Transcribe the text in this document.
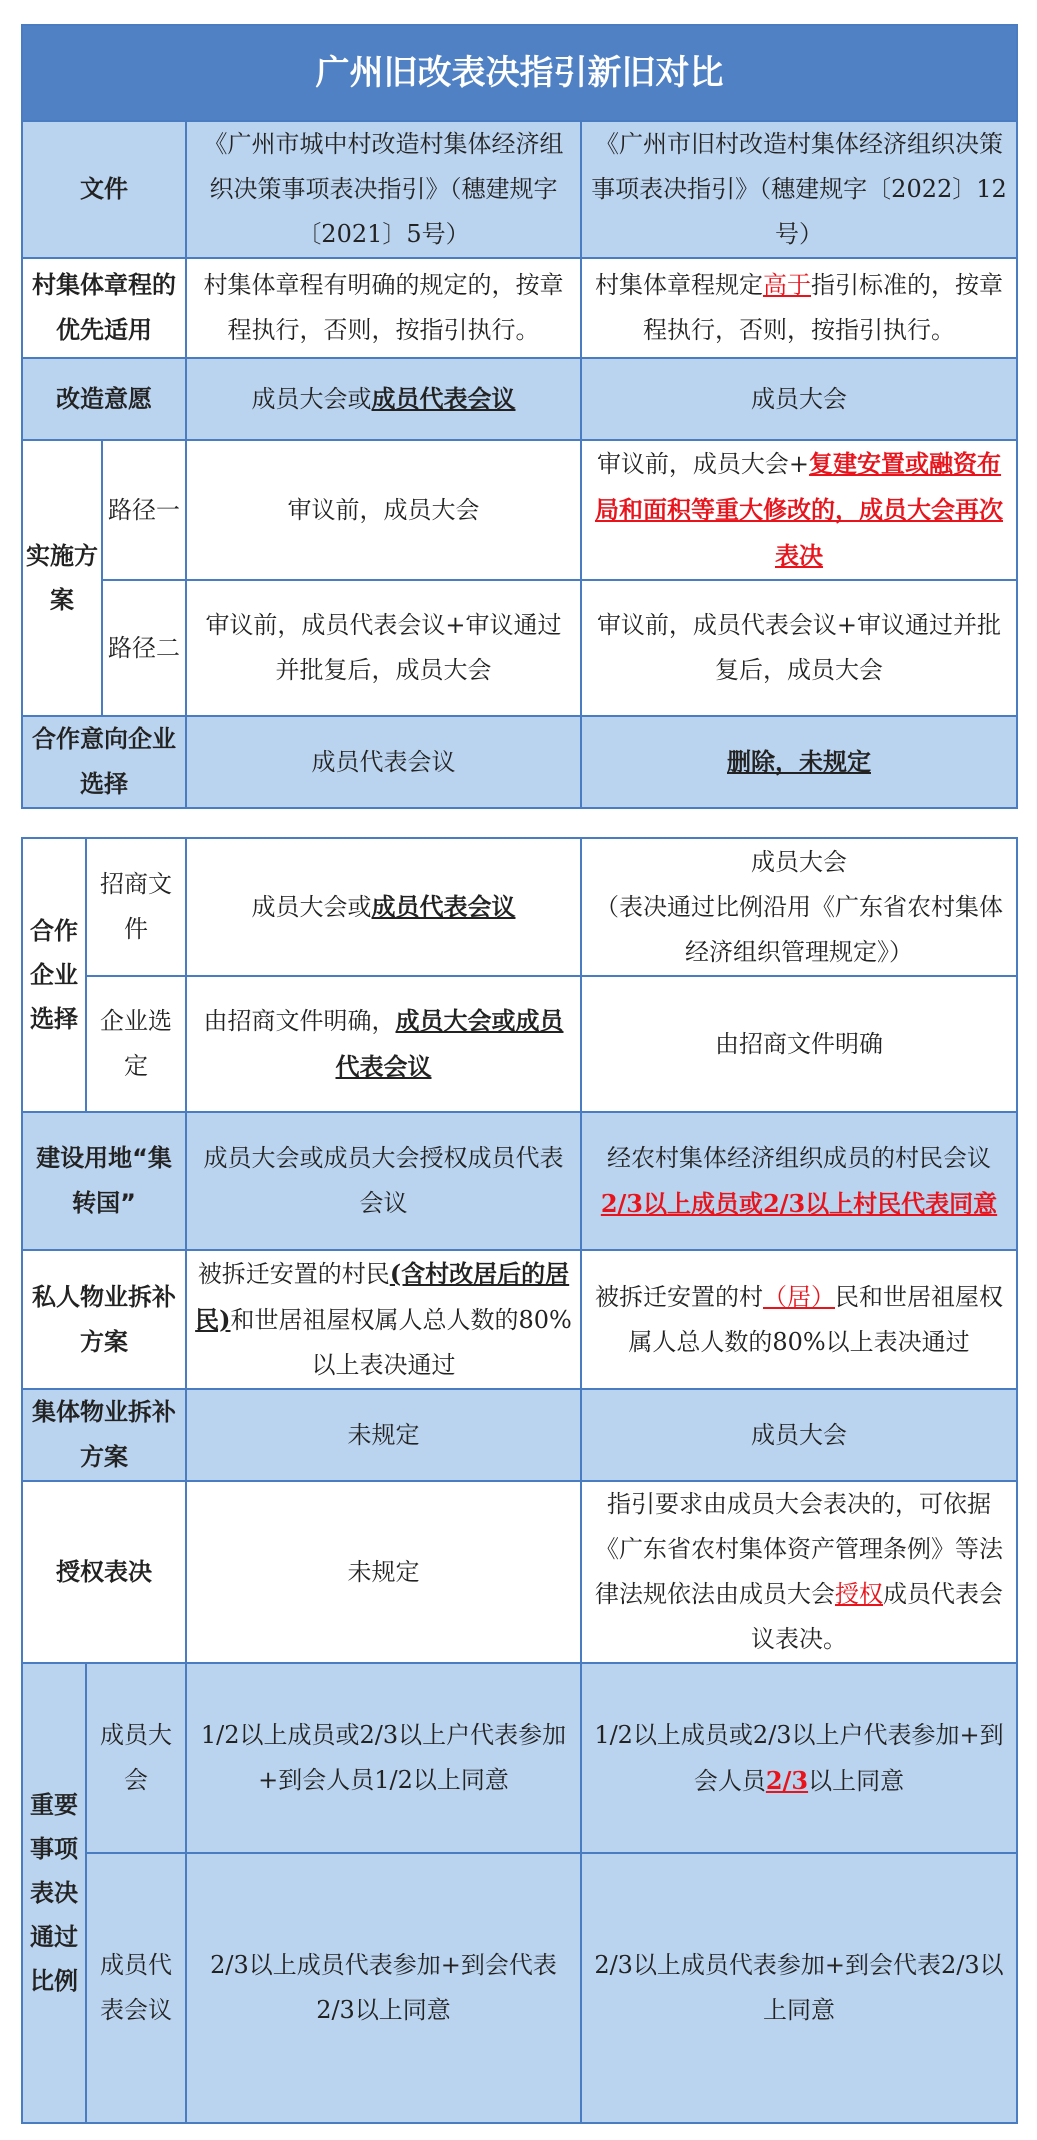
广州旧改表决指引新旧对比			
文件		《广州市城中村改造村集体经济组织决策事项表决指引》（穗建规字〔2021〕5号）	《广州市旧村改造村集体经济组织决策事项表决指引》（穗建规字〔2022〕12号）
村集体章程的优先适用		村集体章程有明确的规定的，按章程执行，否则，按指引执行。	村集体章程规定高于指引标准的，按章程执行，否则，按指引执行。
改造意愿		成员大会或成员代表会议	成员大会
实施方案	路径一	审议前，成员大会	审议前，成员大会+复建安置或融资布局和面积等重大修改的，成员大会再次表决
	路径二	审议前，成员代表会议+审议通过并批复后，成员大会	审议前，成员代表会议+审议通过并批复后，成员大会
合作意向企业选择		成员代表会议	删除，未规定
合作企业选择	招商文件	成员大会或成员代表会议	成员大会
（表决通过比例沿用《广东省农村集体经济组织管理规定》）
	企业选定	由招商文件明确，成员大会或成员代表会议	由招商文件明确
建设用地“集转国”		成员大会或成员大会授权成员代表会议	经农村集体经济组织成员的村民会议2/3以上成员或2/3以上村民代表同意
私人物业拆补方案		被拆迁安置的村民(含村改居后的居民)和世居祖屋权属人总人数的80%以上表决通过	被拆迁安置的村（居）民和世居祖屋权属人总人数的80%以上表决通过
集体物业拆补方案		未规定	成员大会
授权表决		未规定	指引要求由成员大会表决的，可依据《广东省农村集体资产管理条例》等法律法规依法由成员大会授权成员代表会议表决。
重要事项表决通过比例	成员大会	1/2以上成员或2/3以上户代表参加+到会人员1/2以上同意	1/2以上成员或2/3以上户代表参加+到会人员2/3以上同意
	成员代表会议	2/3以上成员代表参加+到会代表2/3以上同意	2/3以上成员代表参加+到会代表2/3以上同意
